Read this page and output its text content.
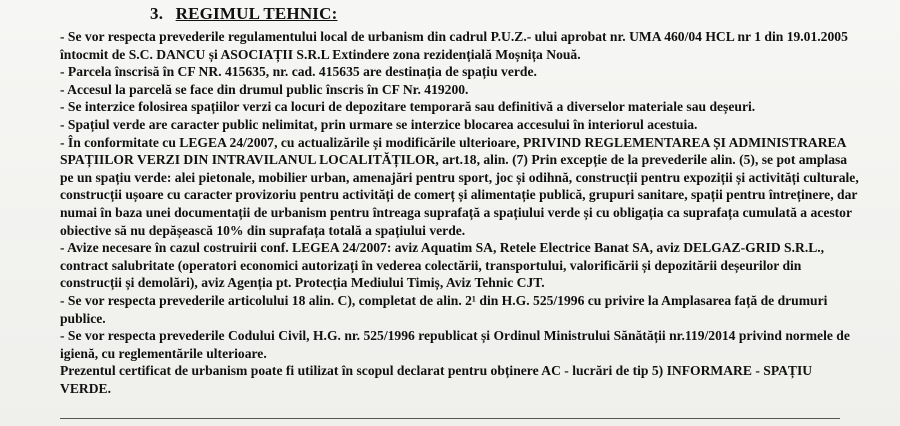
3. REGIMUL TEHNIC:

- Se vor respecta prevederile regulamentului local de urbanism din cadrul P.U.Z.- ului aprobat nr. UMA 460/04 HCL nr 1 din 19.01.2005 întocmit de S.C. DANCU și ASOCIAȚII S.R.L Extindere zona rezidențială Moșnița Nouă.

- Parcela înscrisă în CF NR. 415635, nr. cad. 415635 are destinația de spațiu verde.

- Accesul la parcelă se face din drumul public înscris în CF Nr. 419200.

- Se interzice folosirea spațiilor verzi ca locuri de depozitare temporară sau definitivă a diverselor materiale sau deșeuri.

- Spațiul verde are caracter public nelimitat, prin urmare se interzice blocarea accesului în interiorul acestuia.

- În conformitate cu LEGEA 24/2007, cu actualizările și modificările ulterioare, PRIVIND REGLEMENTAREA ȘI ADMINISTRAREA SPAȚIILOR VERZI DIN INTRAVILANUL LOCALITĂȚILOR, art.18, alin. (7) Prin excepție de la prevederile alin. (5), se pot amplasa pe un spațiu verde: alei pietonale, mobilier urban, amenajări pentru sport, joc și odihnă, construcții pentru expoziții și activități culturale, construcții ușoare cu caracter provizoriu pentru activități de comerț și alimentație publică, grupuri sanitare, spații pentru întreținere, dar numai în baza unei documentații de urbanism pentru întreaga suprafață a spațiului verde și cu obligația ca suprafața cumulată a acestor obiective să nu depășească 10% din suprafața totală a spațiului verde.

- Avize necesare în cazul costruirii conf. LEGEA 24/2007: aviz Aquatim SA, Retele Electrice Banat SA, aviz DELGAZ-GRID S.R.L., contract salubritate (operatori economici autorizați în vederea colectării, transportului, valorificării și depozitării deșeurilor din construcții și demolări), aviz Agenția pt. Protecția Mediului Timiș, Aviz Tehnic CJT.

- Se vor respecta prevederile articolului 18 alin. C), completat de alin. 2¹ din H.G. 525/1996 cu privire la Amplasarea față de drumuri publice.

- Se vor respecta prevederile Codului Civil, H.G. nr. 525/1996 republicat și Ordinul Ministrului Sănătății nr.119/2014 privind normele de igienă, cu reglementările ulterioare.

Prezentul certificat de urbanism poate fi utilizat în scopul declarat pentru obținere AC - lucrări de tip 5) INFORMARE - SPAȚIU VERDE.
